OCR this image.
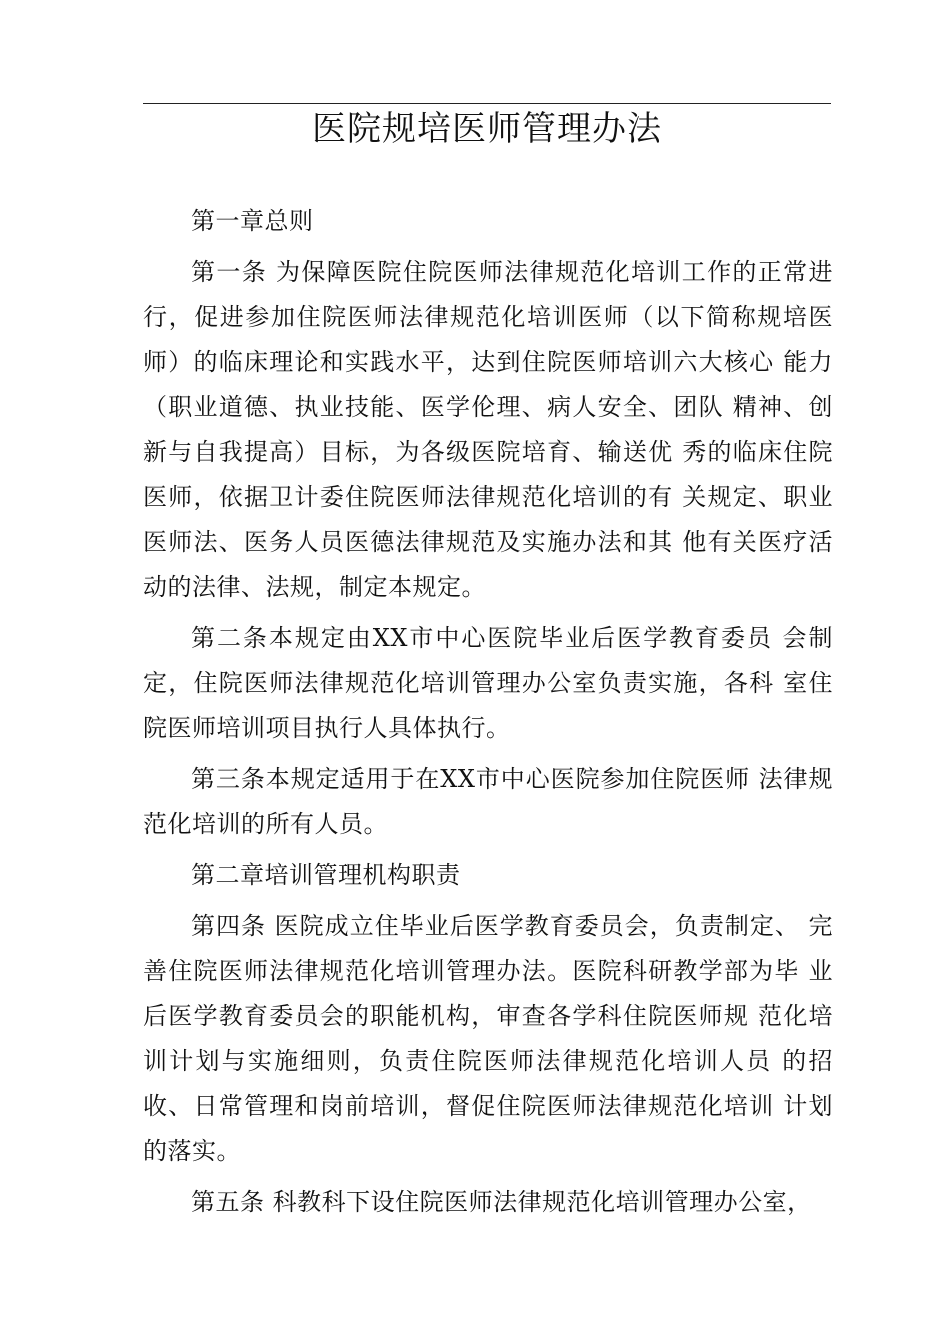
医院规培医师管理办法

第一章总则

第一条 为保障医院住院医师法律规范化培训工作的正常进行，促进参加住院医师法律规范化培训医师（以下简称规培医师）的临床理论和实践水平，达到住院医师培训六大核心 能力（职业道德、执业技能、医学伦理、病人安全、团队 精神、创新与自我提高）目标，为各级医院培育、输送优 秀的临床住院医师，依据卫计委住院医师法律规范化培训的有 关规定、职业医师法、医务人员医德法律规范及实施办法和其 他有关医疗活动的法律、法规，制定本规定。

第二条本规定由XX市中心医院毕业后医学教育委员 会制定，住院医师法律规范化培训管理办公室负责实施，各科 室住院医师培训项目执行人具体执行。

第三条本规定适用于在XX市中心医院参加住院医师 法律规范化培训的所有人员。

第二章培训管理机构职责

第四条 医院成立住毕业后医学教育委员会，负责制定、 完善住院医师法律规范化培训管理办法。医院科研教学部为毕 业后医学教育委员会的职能机构，审查各学科住院医师规 范化培训计划与实施细则，负责住院医师法律规范化培训人员 的招收、日常管理和岗前培训，督促住院医师法律规范化培训 计划的落实。

第五条 科教科下设住院医师法律规范化培训管理办公室，
